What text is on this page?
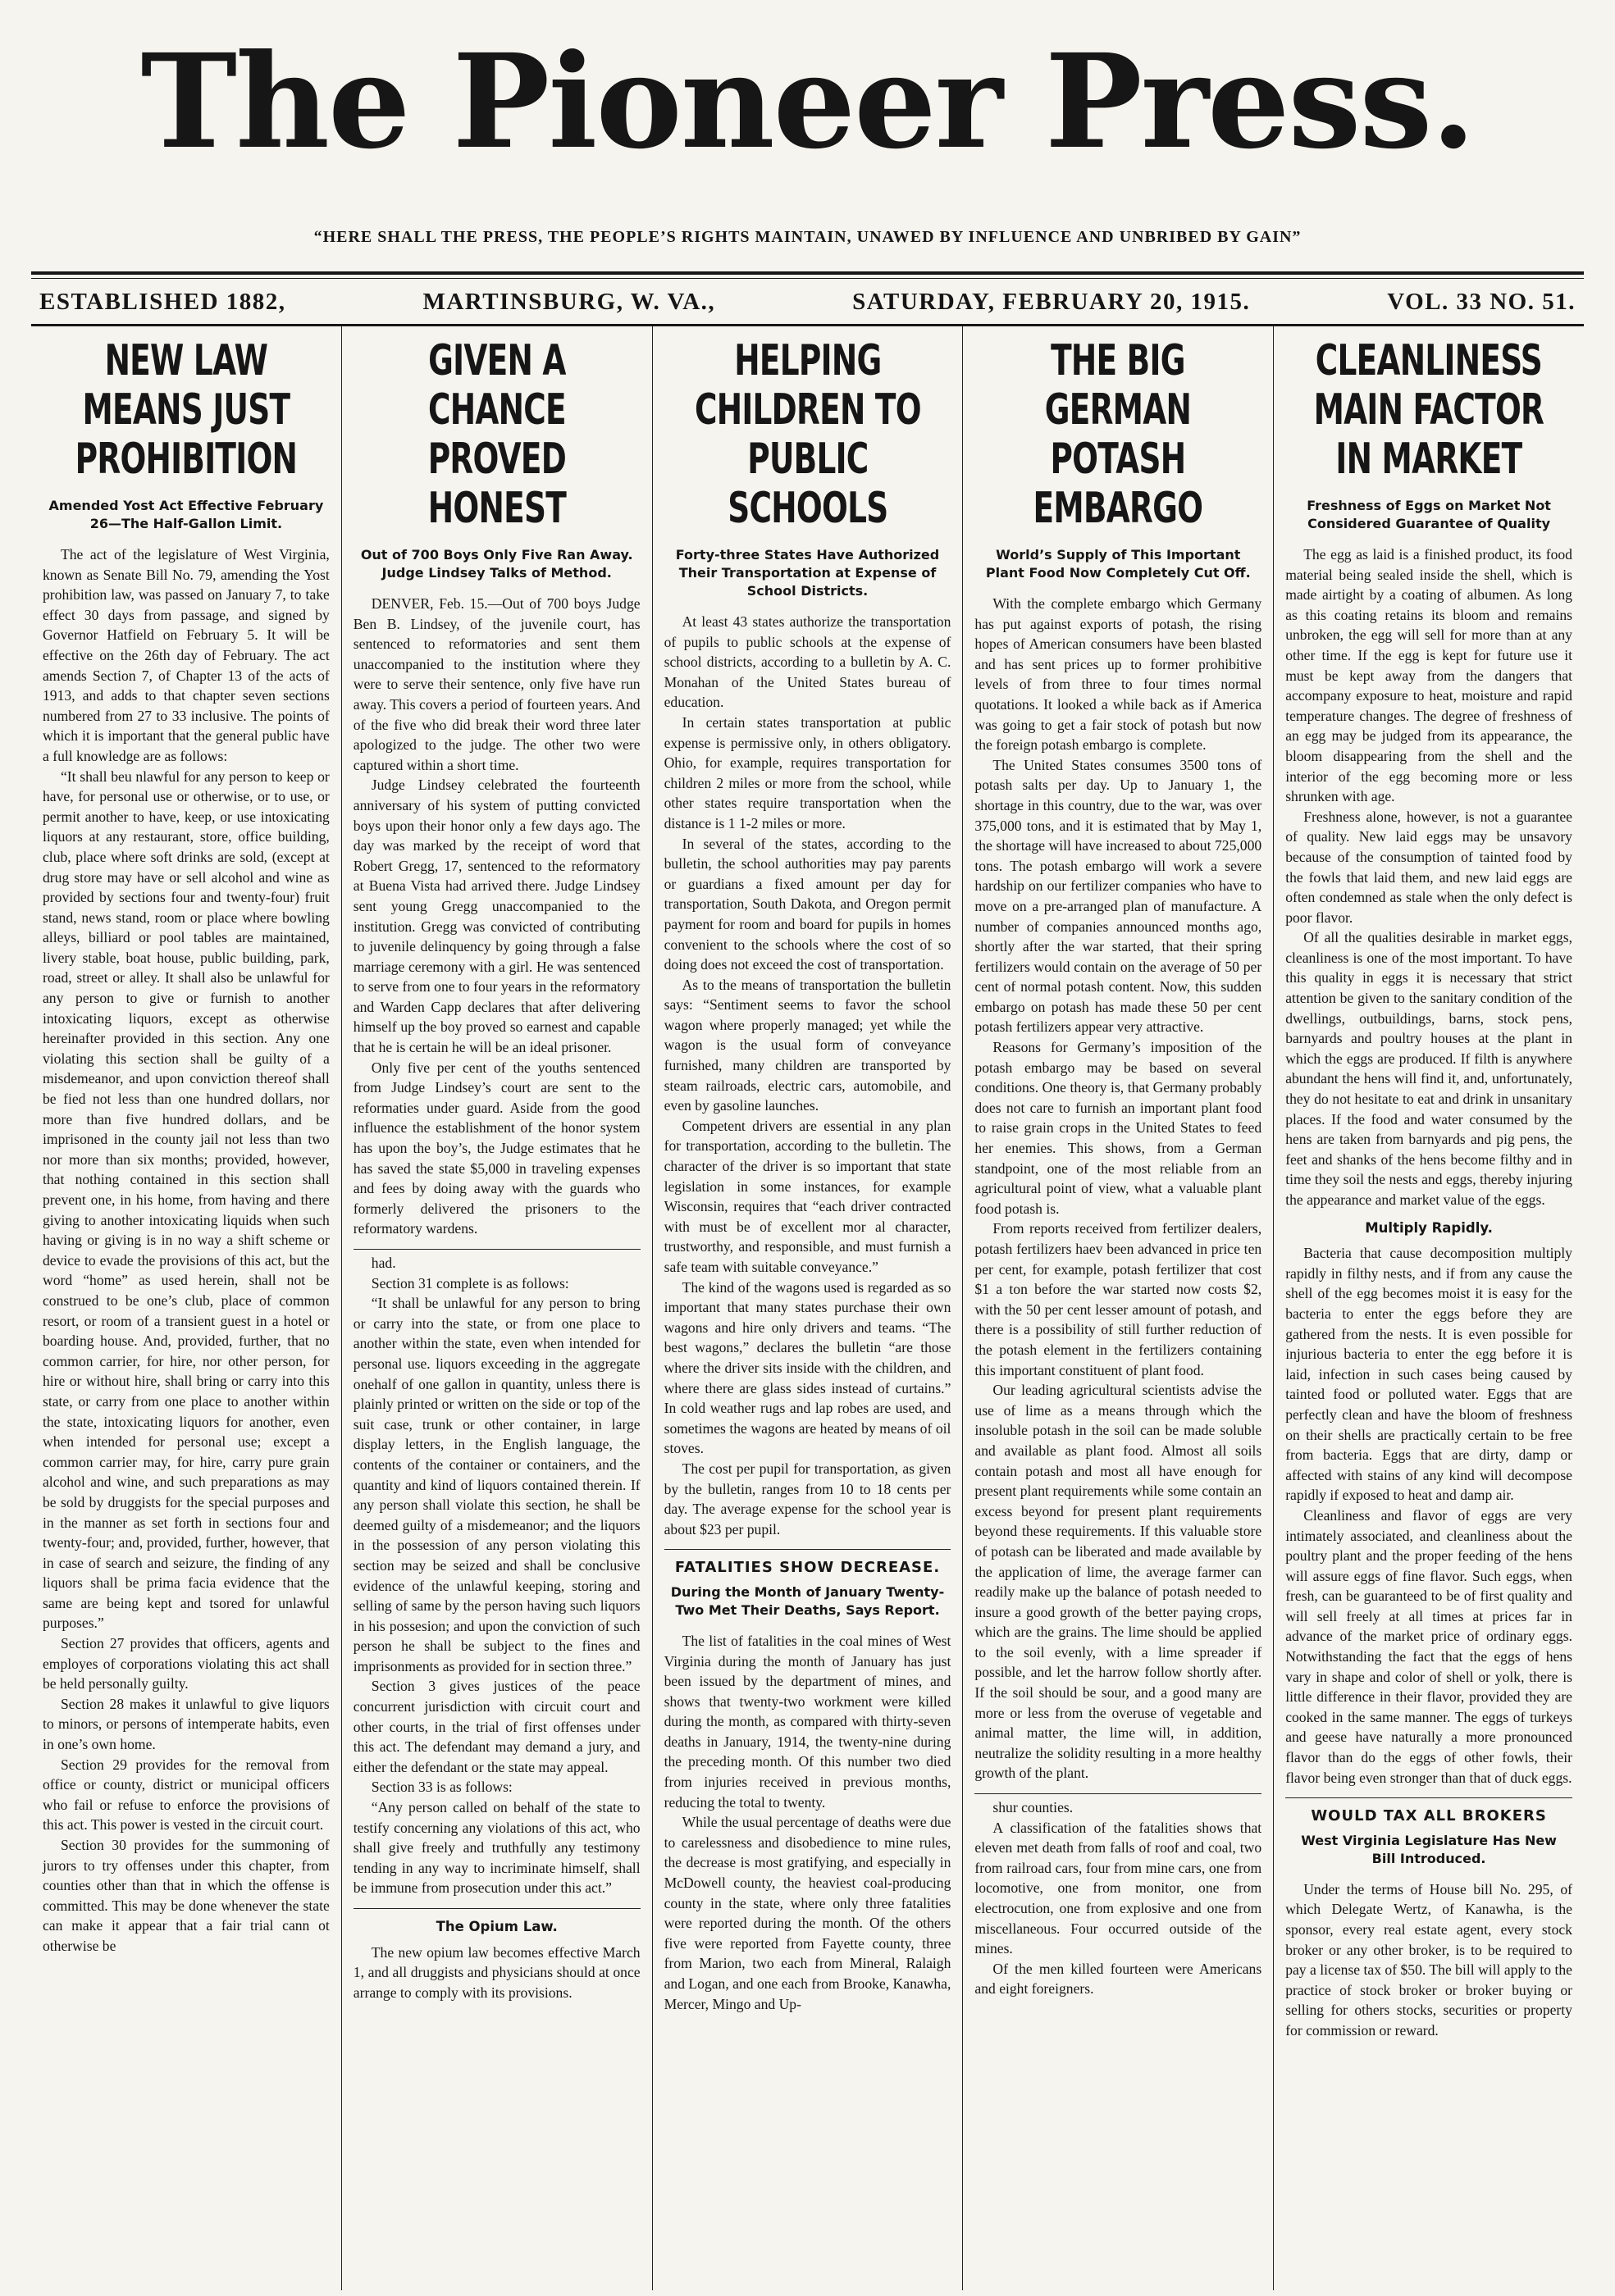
The Pioneer Press.
“HERE SHALL THE PRESS, THE PEOPLE’S RIGHTS MAINTAIN, UNAWED BY INFLUENCE AND UNBRIBED BY GAIN”
ESTABLISHED 1882,	MARTINSBURG, W. VA.,	SATURDAY, FEBRUARY 20, 1915.	VOL. 33 NO. 51.
NEW LAW MEANS JUST PROHIBITION
Amended Yost Act Effective February 26—The Half-Gallon Limit.

The act of the legislature of West Virginia, known as Senate Bill No. 79, amending the Yost prohibition law, was passed on January 7, to take effect 30 days from passage, and signed by Governor Hatfield on February 5. It will be effective on the 26th day of February. The act amends Section 7, of Chapter 13 of the acts of 1913, and adds to that chapter seven sections numbered from 27 to 33 inclusive. The points of which it is important that the general public have a full knowledge are as follows:

“It shall beu nlawful for any person to keep or have, for personal use or otherwise, or to use, or permit another to have, keep, or use intoxicating liquors at any restaurant, store, office building, club, place where soft drinks are sold, (except at drug store may have or sell alcohol and wine as provided by sections four and twenty-four) fruit stand, news stand, room or place where bowling alleys, billiard or pool tables are maintained, livery stable, boat house, public building, park, road, street or alley. It shall also be unlawful for any person to give or furnish to another intoxicating liquors, except as otherwise hereinafter provided in this section. Any one violating this section shall be guilty of a misdemeanor, and upon conviction thereof shall be fied not less than one hundred dollars, nor more than five hundred dollars, and be imprisoned in the county jail not less than two nor more than six months; provided, however, that nothing contained in this section shall prevent one, in his home, from having and there giving to another intoxicating liquids when such having or giving is in no way a shift scheme or device to evade the provisions of this act, but the word “home” as used herein, shall not be construed to be one’s club, place of common resort, or room of a transient guest in a hotel or boarding house. And, provided, further, that no common carrier, for hire, nor other person, for hire or without hire, shall bring or carry into this state, or carry from one place to another within the state, intoxicating liquors for another, even when intended for personal use; except a common carrier may, for hire, carry pure grain alcohol and wine, and such preparations as may be sold by druggists for the special purposes and in the manner as set forth in sections four and twenty-four; and, provided, further, however, that in case of search and seizure, the finding of any liquors shall be prima facia evidence that the same are being kept and tsored for unlawful purposes.”

Section 27 provides that officers, agents and employes of corporations violating this act shall be held personally guilty.

Section 28 makes it unlawful to give liquors to minors, or persons of intemperate habits, even in one’s own home.

Section 29 provides for the removal from office or county, district or municipal officers who fail or refuse to enforce the provisions of this act. This power is vested in the circuit court.

Section 30 provides for the summoning of jurors to try offenses under this chapter, from counties other than that in which the offense is committed. This may be done whenever the state can make it appear that a fair trial cann ot otherwise be

GIVEN A CHANCE PROVED HONEST
Out of 700 Boys Only Five Ran Away. Judge Lindsey Talks of Method.

DENVER, Feb. 15.—Out of 700 boys Judge Ben B. Lindsey, of the juvenile court, has sentenced to reformatories and sent them unaccompanied to the institution where they were to serve their sentence, only five have run away. This covers a period of fourteen years. And of the five who did break their word three later apologized to the judge. The other two were captured within a short time.

Judge Lindsey celebrated the fourteenth anniversary of his system of putting convicted boys upon their honor only a few days ago. The day was marked by the receipt of word that Robert Gregg, 17, sentenced to the reformatory at Buena Vista had arrived there. Judge Lindsey sent young Gregg unaccompanied to the institution. Gregg was convicted of contributing to juvenile delinquency by going through a false marriage ceremony with a girl. He was sentenced to serve from one to four years in the reformatory and Warden Capp declares that after delivering himself up the boy proved so earnest and capable that he is certain he will be an ideal prisoner.

Only five per cent of the youths sentenced from Judge Lindsey’s court are sent to the reformaties under guard. Aside from the good influence the establishment of the honor system has upon the boy’s, the Judge estimates that he has saved the state $5,000 in traveling expenses and fees by doing away with the guards who formerly delivered the prisoners to the reformatory wardens.

had.

Section 31 complete is as follows:

“It shall be unlawful for any person to bring or carry into the state, or from one place to another within the state, even when intended for personal use. liquors exceeding in the aggregate onehalf of one gallon in quantity, unless there is plainly printed or written on the side or top of the suit case, trunk or other container, in large display letters, in the English language, the contents of the container or containers, and the quantity and kind of liquors contained therein. If any person shall violate this section, he shall be deemed guilty of a misdemeanor; and the liquors in the possession of any person violating this section may be seized and shall be conclusive evidence of the unlawful keeping, storing and selling of same by the person having such liquors in his possesion; and upon the conviction of such person he shall be subject to the fines and imprisonments as provided for in section three.”

Section 3 gives justices of the peace concurrent jurisdiction with circuit court and other courts, in the trial of first offenses under this act. The defendant may demand a jury, and either the defendant or the state may appeal.

Section 33 is as follows:

“Any person called on behalf of the state to testify concerning any violations of this act, who shall give freely and truthfully any testimony tending in any way to incriminate himself, shall be immune from prosecution under this act.”

The Opium Law.

The new opium law becomes effective March 1, and all druggists and physicians should at once arrange to comply with its provisions.

HELPING CHILDREN TO PUBLIC SCHOOLS
Forty-three States Have Authorized Their Transportation at Expense of School Districts.

At least 43 states authorize the transportation of pupils to public schools at the expense of school districts, according to a bulletin by A. C. Monahan of the United States bureau of education.

In certain states transportation at public expense is permissive only, in others obligatory. Ohio, for example, requires transportation for children 2 miles or more from the school, while other states require transportation when the distance is 1 1-2 miles or more.

In several of the states, according to the bulletin, the school authorities may pay parents or guardians a fixed amount per day for transportation, South Dakota, and Oregon permit payment for room and board for pupils in homes convenient to the schools where the cost of so doing does not exceed the cost of transportation.

As to the means of transportation the bulletin says: “Sentiment seems to favor the school wagon where properly managed; yet while the wagon is the usual form of conveyance furnished, many children are transported by steam railroads, electric cars, automobile, and even by gasoline launches.

Competent drivers are essential in any plan for transportation, according to the bulletin. The character of the driver is so important that state legislation in some instances, for example Wisconsin, requires that “each driver contracted with must be of excellent mor al character, trustworthy, and responsible, and must furnish a safe team with suitable conveyance.”

The kind of the wagons used is regarded as so important that many states purchase their own wagons and hire only drivers and teams. “The best wagons,” declares the bulletin “are those where the driver sits inside with the children, and where there are glass sides instead of curtains.” In cold weather rugs and lap robes are used, and sometimes the wagons are heated by means of oil stoves.

The cost per pupil for transportation, as given by the bulletin, ranges from 10 to 18 cents per day. The average expense for the school year is about $23 per pupil.

FATALITIES SHOW DECREASE.
During the Month of January Twenty-Two Met Their Deaths, Says Report.

The list of fatalities in the coal mines of West Virginia during the month of January has just been issued by the department of mines, and shows that twenty-two workment were killed during the month, as compared with thirty-seven deaths in January, 1914, the twenty-nine during the preceding month. Of this number two died from injuries received in previous months, reducing the total to twenty.

While the usual percentage of deaths were due to carelessness and disobedience to mine rules, the decrease is most gratifying, and especially in McDowell county, the heaviest coal-producing county in the state, where only three fatalities were reported during the month. Of the others five were reported from Fayette county, three from Marion, two each from Mineral, Ralaigh and Logan, and one each from Brooke, Kanawha, Mercer, Mingo and Up-

THE BIG GERMAN POTASH EMBARGO
World’s Supply of This Important Plant Food Now Completely Cut Off.

With the complete embargo which Germany has put against exports of potash, the rising hopes of American consumers have been blasted and has sent prices up to former prohibitive levels of from three to four times normal quotations. It looked a while back as if America was going to get a fair stock of potash but now the foreign potash embargo is complete.

The United States consumes 3500 tons of potash salts per day. Up to January 1, the shortage in this country, due to the war, was over 375,000 tons, and it is estimated that by May 1, the shortage will have increased to about 725,000 tons. The potash embargo will work a severe hardship on our fertilizer companies who have to move on a pre-arranged plan of manufacture. A number of companies announced months ago, shortly after the war started, that their spring fertilizers would contain on the average of 50 per cent of normal potash content. Now, this sudden embargo on potash has made these 50 per cent potash fertilizers appear very attractive.

Reasons for Germany’s imposition of the potash embargo may be based on several conditions. One theory is, that Germany probably does not care to furnish an important plant food to raise grain crops in the United States to feed her enemies. This shows, from a German standpoint, one of the most reliable from an agricultural point of view, what a valuable plant food potash is.

From reports received from fertilizer dealers, potash fertilizers haev been advanced in price ten per cent, for example, potash fertilizer that cost $1 a ton before the war started now costs $2, with the 50 per cent lesser amount of potash, and there is a possibility of still further reduction of the potash element in the fertilizers containing this important constituent of plant food.

Our leading agricultural scientists advise the use of lime as a means through which the insoluble potash in the soil can be made soluble and available as plant food. Almost all soils contain potash and most all have enough for present plant requirements while some contain an excess beyond for present plant requirements beyond these requirements. If this valuable store of potash can be liberated and made available by the application of lime, the average farmer can readily make up the balance of potash needed to insure a good growth of the better paying crops, which are the grains. The lime should be applied to the soil evenly, with a lime spreader if possible, and let the harrow follow shortly after. If the soil should be sour, and a good many are more or less from the overuse of vegetable and animal matter, the lime will, in addition, neutralize the solidity resulting in a more healthy growth of the plant.

shur counties.

A classification of the fatalities shows that eleven met death from falls of roof and coal, two from railroad cars, four from mine cars, one from locomotive, one from monitor, one from electrocution, one from explosive and one from miscellaneous. Four occurred outside of the mines.

Of the men killed fourteen were Americans and eight foreigners.

CLEANLINESS MAIN FACTOR IN MARKET
Freshness of Eggs on Market Not Considered Guarantee of Quality

The egg as laid is a finished product, its food material being sealed inside the shell, which is made airtight by a coating of albumen. As long as this coating retains its bloom and remains unbroken, the egg will sell for more than at any other time. If the egg is kept for future use it must be kept away from the dangers that accompany exposure to heat, moisture and rapid temperature changes. The degree of freshness of an egg may be judged from its appearance, the bloom disappearing from the shell and the interior of the egg becoming more or less shrunken with age.

Freshness alone, however, is not a guarantee of quality. New laid eggs may be unsavory because of the consumption of tainted food by the fowls that laid them, and new laid eggs are often condemned as stale when the only defect is poor flavor.

Of all the qualities desirable in market eggs, cleanliness is one of the most important. To have this quality in eggs it is necessary that strict attention be given to the sanitary condition of the dwellings, outbuildings, barns, stock pens, barnyards and poultry houses at the plant in which the eggs are produced. If filth is anywhere abundant the hens will find it, and, unfortunately, they do not hesitate to eat and drink in unsanitary places. If the food and water consumed by the hens are taken from barnyards and pig pens, the feet and shanks of the hens become filthy and in time they soil the nests and eggs, thereby injuring the appearance and market value of the eggs.

Multiply Rapidly.

Bacteria that cause decomposition multiply rapidly in filthy nests, and if from any cause the shell of the egg becomes moist it is easy for the bacteria to enter the eggs before they are gathered from the nests. It is even possible for injurious bacteria to enter the egg before it is laid, infection in such cases being caused by tainted food or polluted water. Eggs that are perfectly clean and have the bloom of freshness on their shells are practically certain to be free from bacteria. Eggs that are dirty, damp or affected with stains of any kind will decompose rapidly if exposed to heat and damp air.

Cleanliness and flavor of eggs are very intimately associated, and cleanliness about the poultry plant and the proper feeding of the hens will assure eggs of fine flavor. Such eggs, when fresh, can be guaranteed to be of first quality and will sell freely at all times at prices far in advance of the market price of ordinary eggs. Notwithstanding the fact that the eggs of hens vary in shape and color of shell or yolk, there is little difference in their flavor, provided they are cooked in the same manner. The eggs of turkeys and geese have naturally a more pronounced flavor than do the eggs of other fowls, their flavor being even stronger than that of duck eggs.

WOULD TAX ALL BROKERS
West Virginia Legislature Has New Bill Introduced.

Under the terms of House bill No. 295, of which Delegate Wertz, of Kanawha, is the sponsor, every real estate agent, every stock broker or any other broker, is to be required to pay a license tax of $50. The bill will apply to the practice of stock broker or broker buying or selling for others stocks, securities or property for commission or reward.
